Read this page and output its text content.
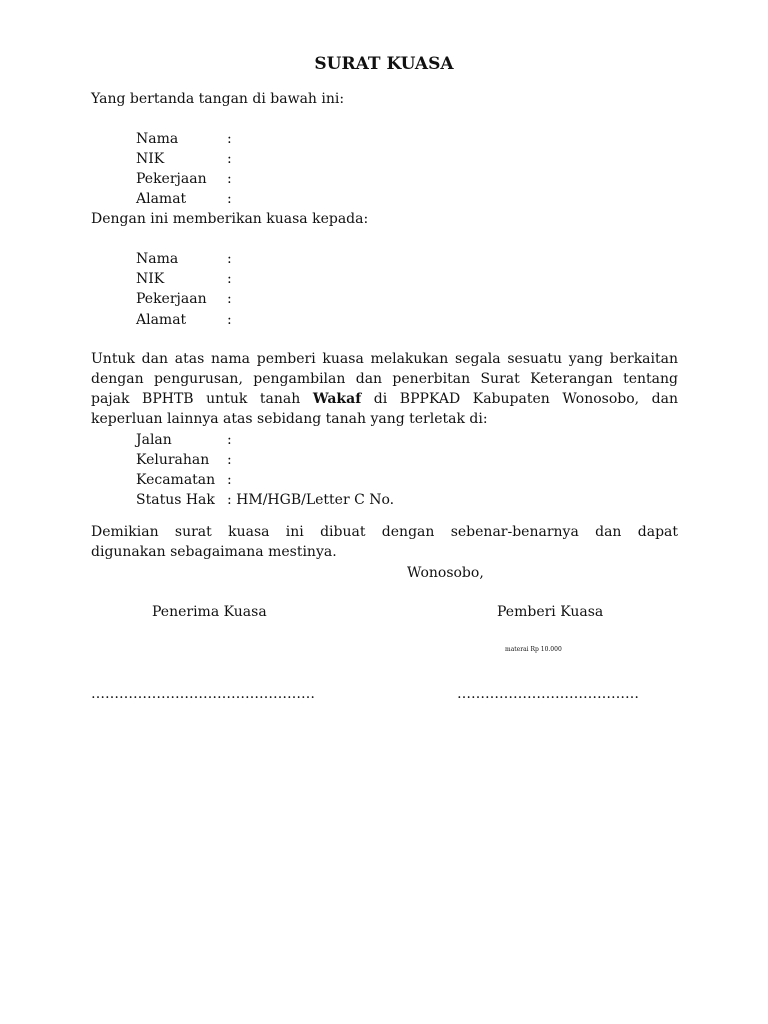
SURAT KUASA
Yang bertanda tangan di bawah ini:
Nama	:
NIK	:
Pekerjaan :
Alamat	:
Dengan ini memberikan kuasa kepada:
Nama	:
NIK	:
Pekerjaan :
Alamat	:
Untuk dan atas nama pemberi kuasa melakukan segala sesuatu yang berkaitan
dengan pengurusan, pengambilan dan penerbitan Surat Keterangan tentang
pajak BPHTB untuk tanah Wakaf di BPPKAD Kabupaten Wonosobo, dan
keperluan lainnya atas sebidang tanah yang terletak di:
Jalan	:
Kelurahan :
Kecamatan :
Status Hak : HM/HGB/Letter C No.
Demikian surat kuasa ini dibuat dengan sebenar-benarnya dan dapat
digunakan sebagaimana mestinya.
Wonosobo,
Penerima Kuasa	Pemberi Kuasa
materai Rp 10.000
…………………………………………	…………………………………
